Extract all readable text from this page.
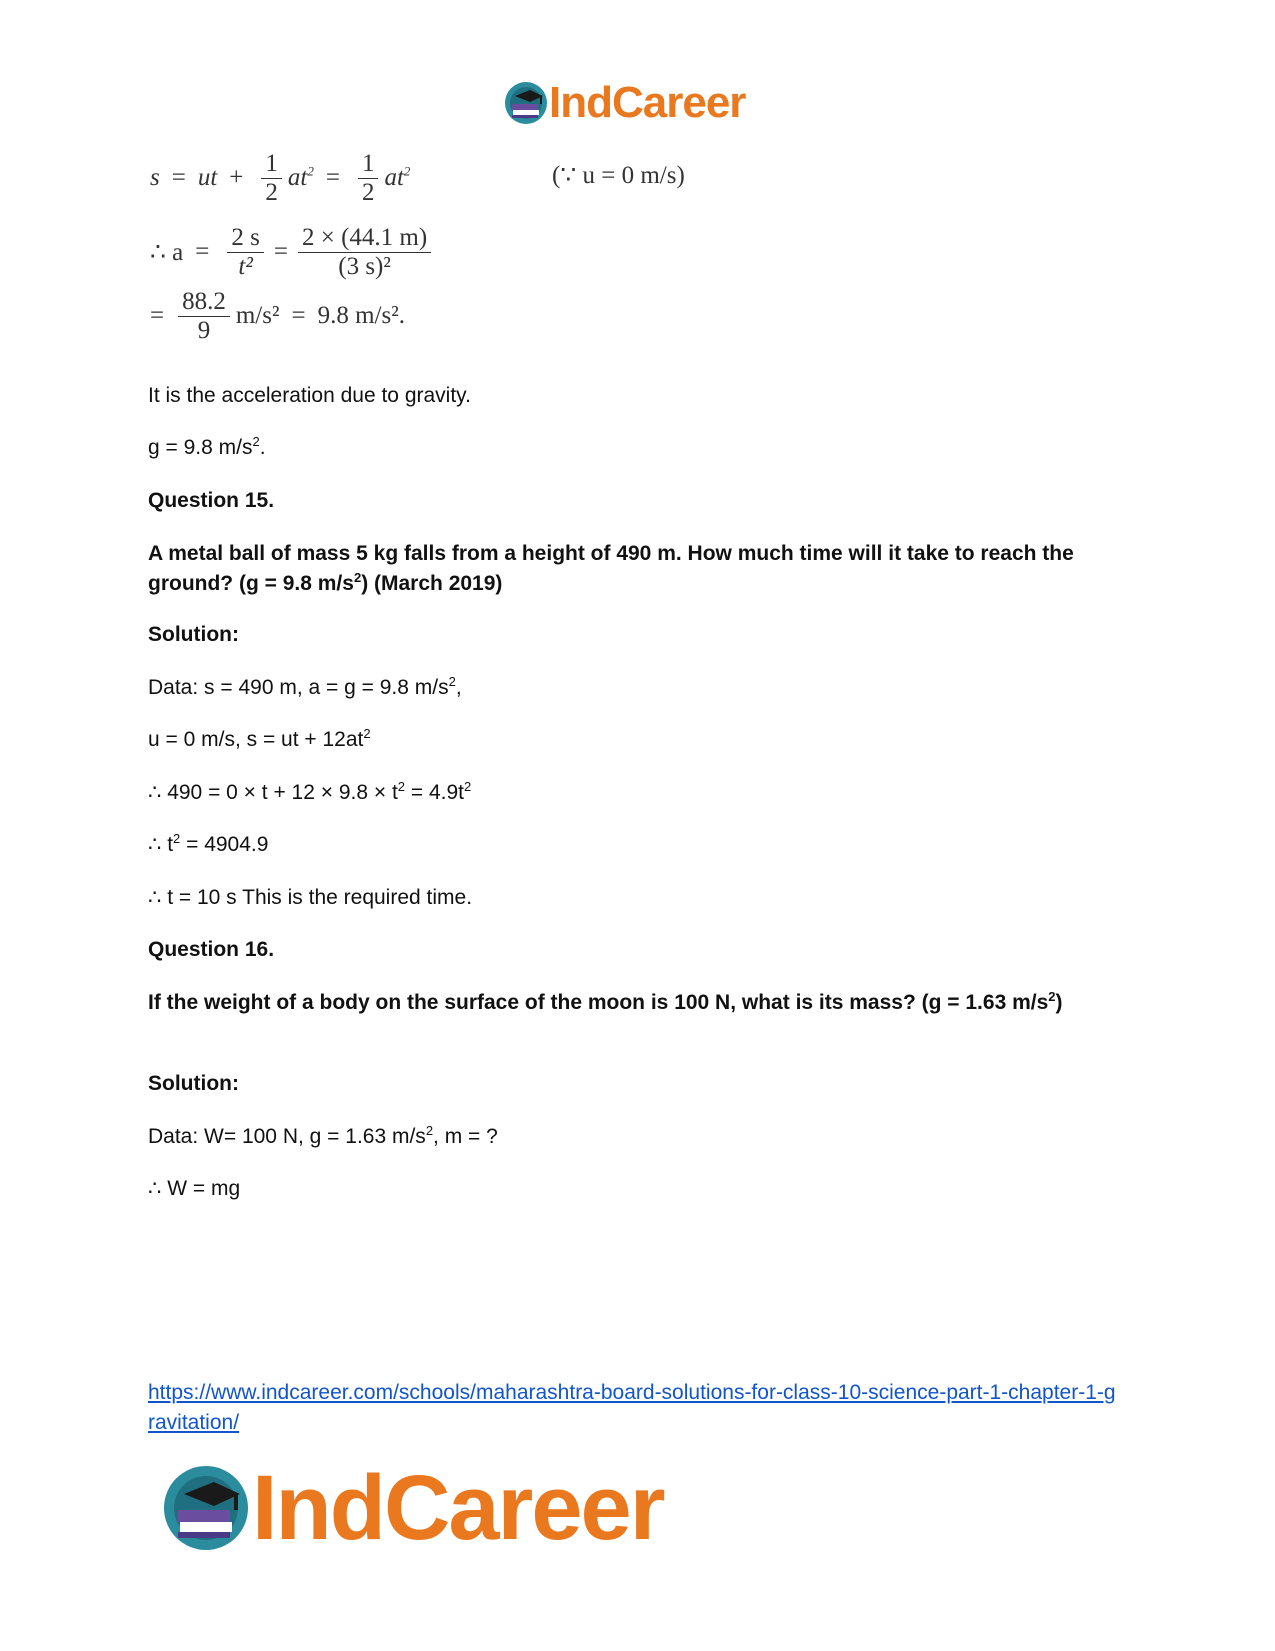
IndCareer
s = ut + $\frac{1}{2} at^2 = \frac{1}{2} at^2$	(∵ u = 0 m/s)
∴ $a = \frac{2 s}{\text{t²}} = \frac{2 \times (44.1 m)}{\text{(3 s)²}}$
= $\frac{88.2}{9} m/s^2 = 9.8$ m/s².
It is the acceleration due to gravity.
g = 9.8 $m/s^2$.
Question 15.
A metal ball of mass 5 kg falls from a height of 490 m. How much time will it take to reach the ground? (g = 9.8 $m/s^2$) (March 2019)
Solution:
Data: s = 490 m, a = g = 9.8 $m/s^2$,
u = 0 m/s, s = ut + $12at^2$
∴ $490 = 0 \times t + 12 \times 9.8 \times t^2 = 4.9t^2$
∴ $t^2 = 4904.9$
∴ t = 10 s This is the required time.
Question 16.
If the weight of a body on the surface of the moon is 100 N, what is its mass? (g = 1.63 $m/s^2$)
Solution:
Data: W= 100 N, g = 1.63 $m/s^2$, m = ?
∴ W = mg
https://www.indcareer.com/schools/maharashtra-board-solutions-for-class-10-science-part-1-chapter-1-gravitation/
IndCareer
